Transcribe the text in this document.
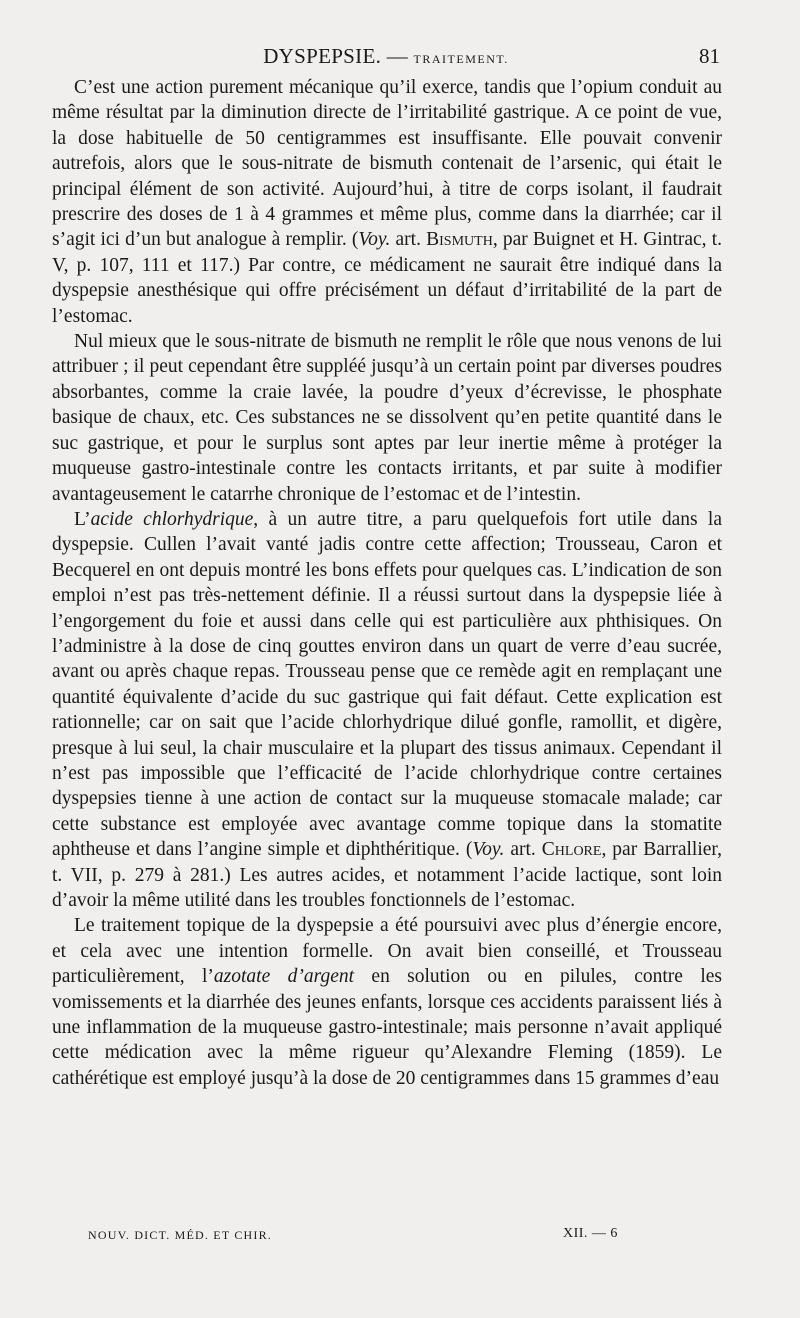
DYSPEPSIE. — TRAITEMENT.	81

C’est une action purement mécanique qu’il exerce, tandis que l’opium conduit au même résultat par la diminution directe de l’irritabilité gastrique. A ce point de vue, la dose habituelle de 50 centigrammes est insuffisante. Elle pouvait convenir autrefois, alors que le sous-nitrate de bismuth contenait de l’arsenic, qui était le principal élément de son activité. Aujourd’hui, à titre de corps isolant, il faudrait prescrire des doses de 1 à 4 grammes et même plus, comme dans la diarrhée; car il s’agit ici d’un but analogue à remplir. (Voy. art. Bismuth, par Buignet et H. Gintrac, t. V, p. 107, 111 et 117.) Par contre, ce médicament ne saurait être indiqué dans la dyspepsie anesthésique qui offre précisément un défaut d’irritabilité de la part de l’estomac.

Nul mieux que le sous-nitrate de bismuth ne remplit le rôle que nous venons de lui attribuer ; il peut cependant être suppléé jusqu’à un certain point par diverses poudres absorbantes, comme la craie lavée, la poudre d’yeux d’écrevisse, le phosphate basique de chaux, etc. Ces substances ne se dissolvent qu’en petite quantité dans le suc gastrique, et pour le surplus sont aptes par leur inertie même à protéger la muqueuse gastro-intestinale contre les contacts irritants, et par suite à modifier avantageusement le catarrhe chronique de l’estomac et de l’intestin.

L’acide chlorhydrique, à un autre titre, a paru quelquefois fort utile dans la dyspepsie. Cullen l’avait vanté jadis contre cette affection; Trousseau, Caron et Becquerel en ont depuis montré les bons effets pour quelques cas. L’indication de son emploi n’est pas très-nettement définie. Il a réussi surtout dans la dyspepsie liée à l’engorgement du foie et aussi dans celle qui est particulière aux phthisiques. On l’administre à la dose de cinq gouttes environ dans un quart de verre d’eau sucrée, avant ou après chaque repas. Trousseau pense que ce remède agit en remplaçant une quantité équivalente d’acide du suc gastrique qui fait défaut. Cette explication est rationnelle; car on sait que l’acide chlorhydrique dilué gonfle, ramollit, et digère, presque à lui seul, la chair musculaire et la plupart des tissus animaux. Cependant il n’est pas impossible que l’efficacité de l’acide chlorhydrique contre certaines dyspepsies tienne à une action de contact sur la muqueuse stomacale malade; car cette substance est employée avec avantage comme topique dans la stomatite aphtheuse et dans l’angine simple et diphthéritique. (Voy. art. Chlore, par Barrallier, t. VII, p. 279 à 281.) Les autres acides, et notamment l’acide lactique, sont loin d’avoir la même utilité dans les troubles fonctionnels de l’estomac.

Le traitement topique de la dyspepsie a été poursuivi avec plus d’énergie encore, et cela avec une intention formelle. On avait bien conseillé, et Trousseau particulièrement, l’azotate d’argent en solution ou en pilules, contre les vomissements et la diarrhée des jeunes enfants, lorsque ces accidents paraissent liés à une inflammation de la muqueuse gastro-intestinale; mais personne n’avait appliqué cette médication avec la même rigueur qu’Alexandre Fleming (1859). Le cathérétique est employé jusqu’à la dose de 20 centigrammes dans 15 grammes d’eau

NOUV. DICT. MÉD. ET CHIR.	XII. — 6
